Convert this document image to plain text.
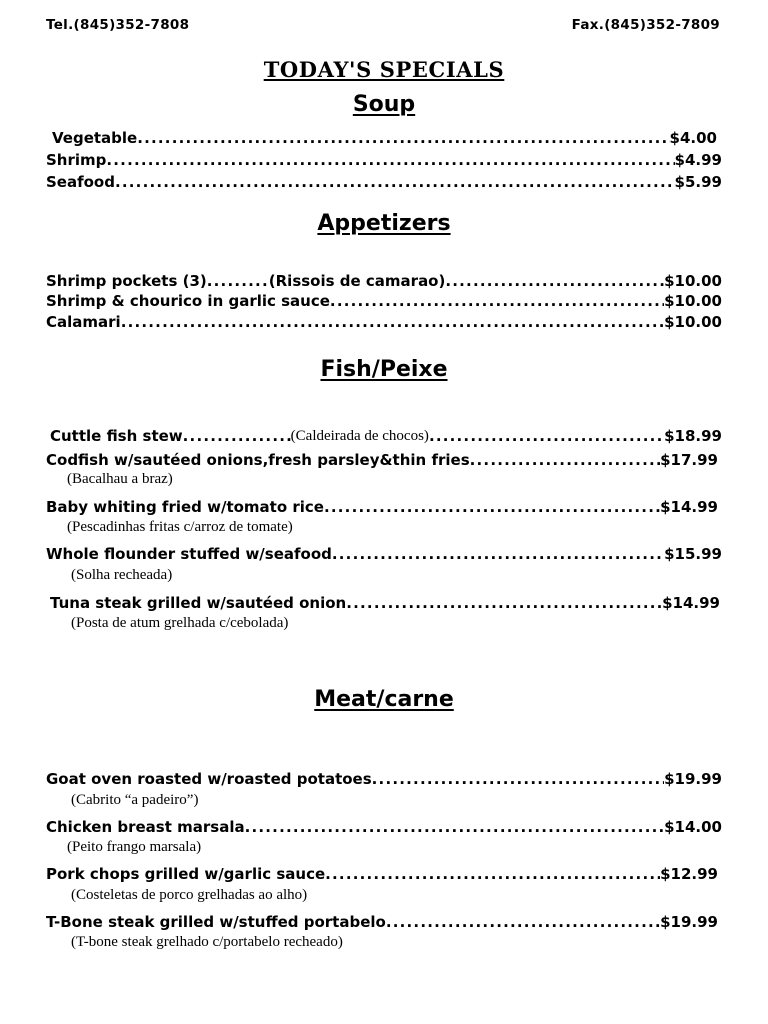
Tel.(845)352-7808	Fax.(845)352-7809
TODAY'S SPECIALS
Soup
Vegetable .....	$4.00
Shrimp .....	$4.99
Seafood .....	$5.99
Appetizers
Shrimp pockets (3) .....	(Rissois de camarao) .....	$10.00
Shrimp & chourico in garlic sauce .....	$10.00
Calamari .....	$10.00
Fish/Peixe
Cuttle fish stew .....	(Caldeirada de chocos) .....	$18.99
Codfish w/sautéed onions,fresh parsley&thin fries .....	$17.99
(Bacalhau a braz)
Baby whiting fried w/tomato rice .....	$14.99
(Pescadinhas fritas c/arroz de tomate)
Whole flounder stuffed w/seafood .....	$15.99
(Solha recheada)
Tuna steak grilled w/sautéed onion .....	$14.99
(Posta de atum grelhada c/cebolada)
Meat/carne
Goat oven roasted w/roasted potatoes .....	$19.99
(Cabrito “a padeiro”)
Chicken breast marsala .....	$14.00
(Peito frango marsala)
Pork chops grilled w/garlic sauce .....	$12.99
(Costeletas de porco grelhadas ao alho)
T-Bone steak grilled w/stuffed portabelo .....	$19.99
(T-bone steak grelhado c/portabelo recheado)
